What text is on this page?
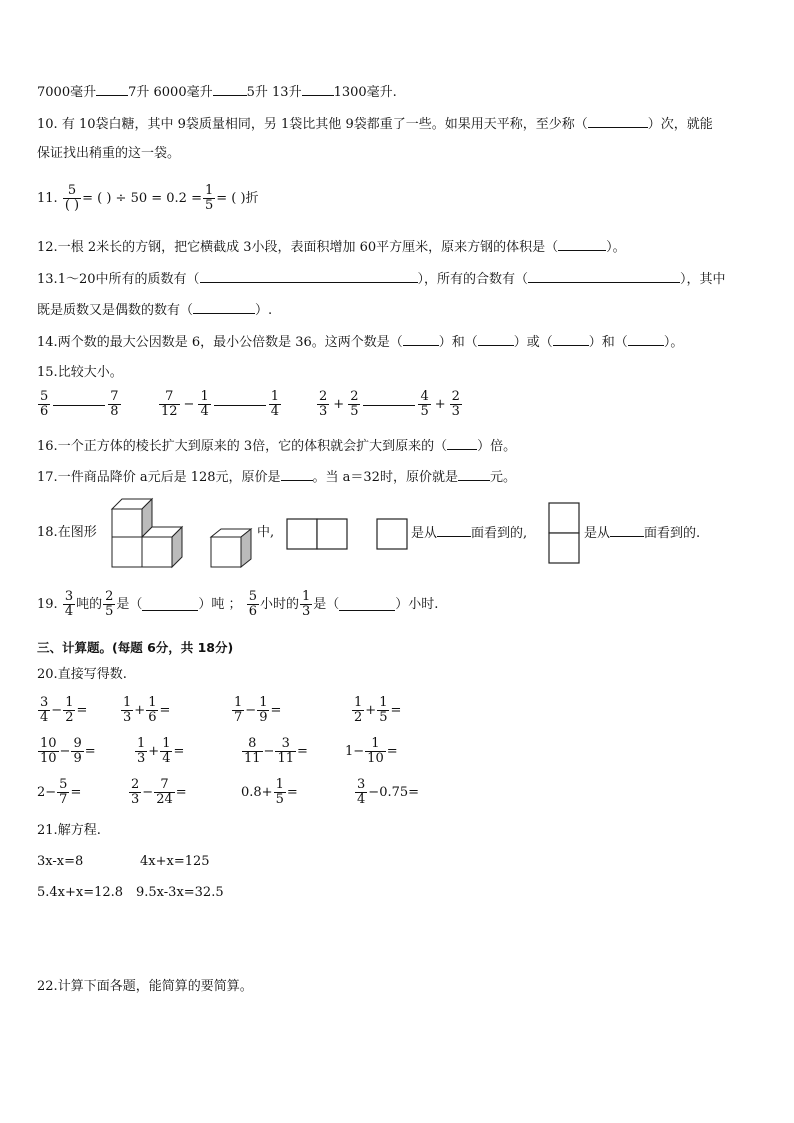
7000毫升 7升 6000毫升	5升 13升 1300毫升.
10. 有 10袋白糖，其中 9袋质量相同，另 1袋比其他 9袋都重了一些。如果用天平称，至少称（	）次，就能
保证找出稍重的这一袋。
11.
$\frac{5}{( )}$ = ( ) ÷ $50 = 0.2 = \frac{1}{5}$ = ( )折
12.一根 2米长的方钢，把它横截成 3小段，表面积增加 60平方厘米，原来方钢的体积是（	）。
13.1～20中所有的质数有（	），所有的合数有（	），其中
既是质数又是偶数的数有（	）.
14.两个数的最大公因数是 6，最小公倍数是 36。这两个数是（	）和（	）或（	）和（	）。
15.比较大小。
$\frac{5}{6}$	$\frac{7}{8}$	$\frac{7}{12} - \frac{1}{4}$	$\frac{1}{4}$	$\frac{2}{3} + \frac{2}{5}$	$\frac{4}{5} + \frac{2}{3}$
16.一个正方体的棱长扩大到原来的 3倍，它的体积就会扩大到原来的（ ）倍。
17.一件商品降价 a元后是 128元，原价是 。当 a＝32时，原价就是 元。
18.在图形	中,	是从	面看到的,	是从	面看到的.
19.
$\frac{3}{4}$ 吨的 $\frac{2}{5}$ 是（	）吨 ；
$\frac{5}{6}$ 小时的 $\frac{1}{3}$ 是（	）小时.
三、计算题。(每题 6分，共 18分)
20.直接写得数.
$\frac{3}{4} - \frac{1}{2}$ =	$\frac{1}{3} + \frac{1}{6}$ =	$\frac{1}{7} - \frac{1}{9}$ =	$\frac{1}{2} + \frac{1}{5}$ =
$\frac{10}{10} - \frac{9}{9}$ =	$\frac{1}{3} + \frac{1}{4}$ =	$\frac{8}{11} - \frac{3}{11}$ =	$1- \frac{1}{10}$ =
$2- \frac{5}{7}$ =	$\frac{2}{3} - \frac{7}{24}$ =	$0.8+ \frac{1}{5}$ =	$\frac{3}{4} - 0.75$ =
21.解方程.
3x-x=8	4x+x=125
5.4x+x=12.8 9.5x-3x=32.5
22.计算下面各题，能简算的要简算。
